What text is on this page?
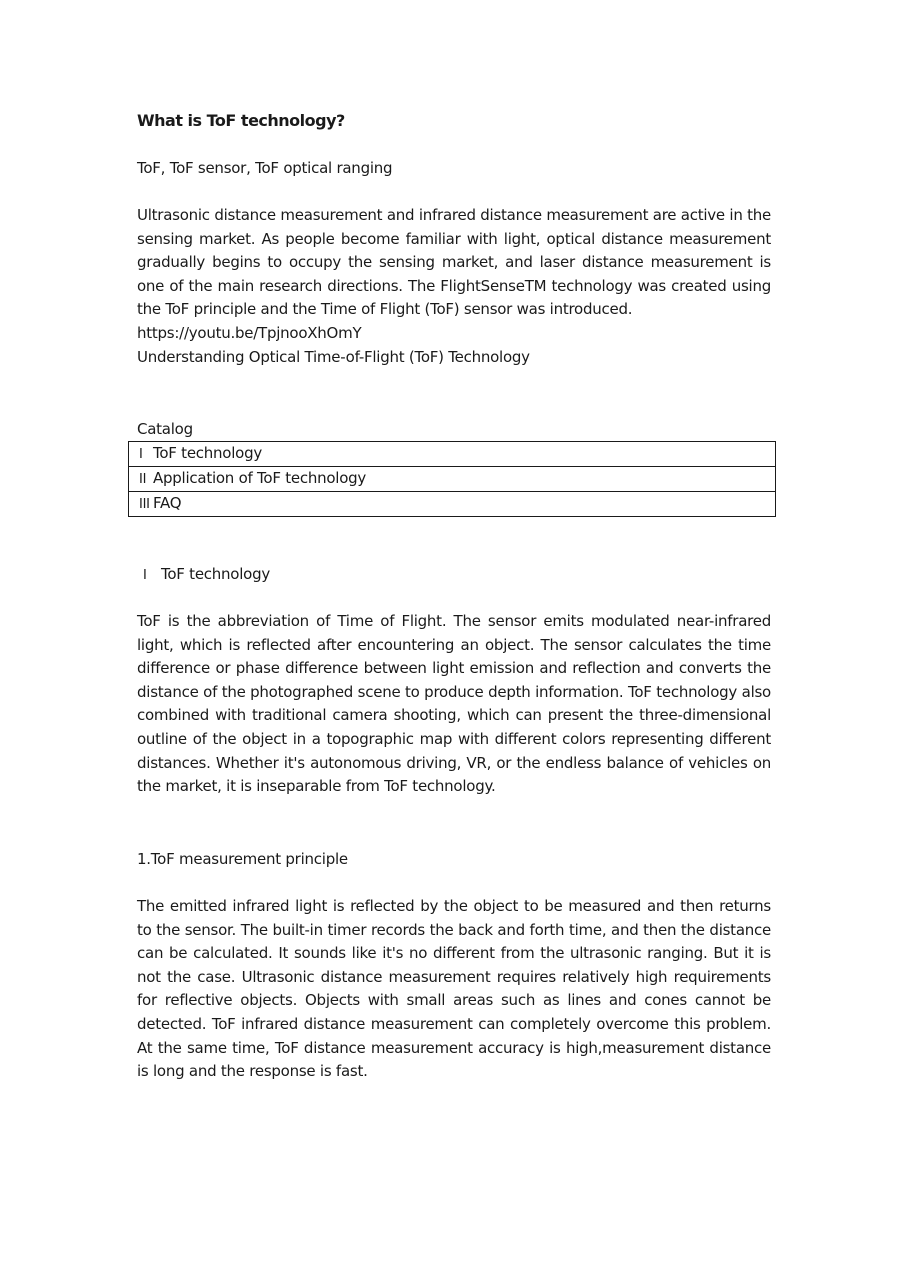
What is ToF technology?
ToF, ToF sensor, ToF optical ranging

Ultrasonic distance measurement and infrared distance measurement are active in the sensing market. As people become familiar with light, optical distance measurement gradually begins to occupy the sensing market, and laser distance measurement is one of the main research directions. The FlightSenseTM technology was created using the ToF principle and the Time of Flight (ToF) sensor was introduced.

https://youtu.be/TpjnooXhOmY
Understanding Optical Time-of-Flight (ToF) Technology
Catalog
I ToF technology
II Application of ToF technology
III FAQ
I ToF technology

ToF is the abbreviation of Time of Flight. The sensor emits modulated near-infrared light, which is reflected after encountering an object. The sensor calculates the time difference or phase difference between light emission and reflection and converts the distance of the photographed scene to produce depth information. ToF technology also combined with traditional camera shooting, which can present the three-dimensional outline of the object in a topographic map with different colors representing different distances. Whether it's autonomous driving, VR, or the endless balance of vehicles on the market, it is inseparable from ToF technology.

1.ToF measurement principle

The emitted infrared light is reflected by the object to be measured and then returns to the sensor. The built-in timer records the back and forth time, and then the distance can be calculated. It sounds like it's no different from the ultrasonic ranging. But it is not the case. Ultrasonic distance measurement requires relatively high requirements for reflective objects. Objects with small areas such as lines and cones cannot be detected. ToF infrared distance measurement can completely overcome this problem. At the same time, ToF distance measurement accuracy is high,measurement distance is long and the response is fast.
